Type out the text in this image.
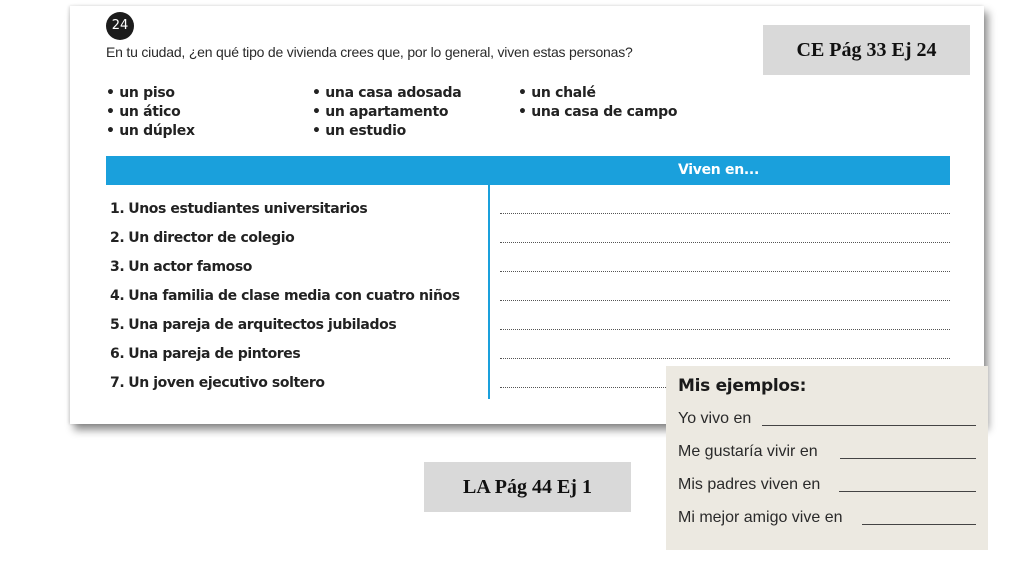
24
En tu ciudad, ¿en qué tipo de vivienda crees que, por lo general, viven estas personas?
• un piso
• un ático
• un dúplex
• una casa adosada
• un apartamento
• un estudio
• un chalé
• una casa de campo
Viven en...
1. Unos estudiantes universitarios
2. Un director de colegio
3. Un actor famoso
4. Una familia de clase media con cuatro niños
5. Una pareja de arquitectos jubilados
6. Una pareja de pintores
7. Un joven ejecutivo soltero
CE Pág 33 Ej 24
LA Pág 44 Ej 1
Mis ejemplos:
Yo vivo en
Me gustaría vivir en
Mis padres viven en
Mi mejor amigo vive en
